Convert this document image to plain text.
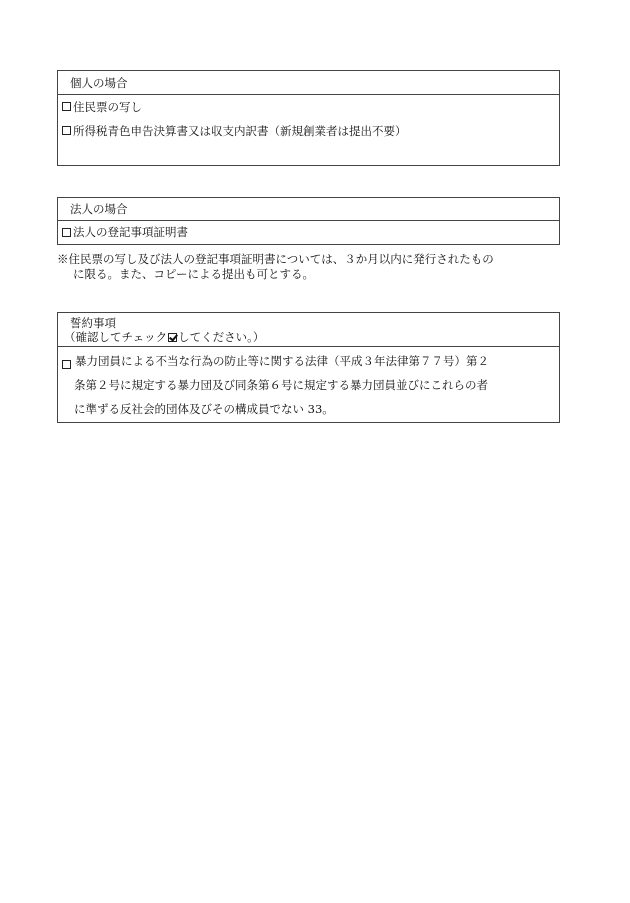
個人の場合
住民票の写し
所得税青色申告決算書又は収支内訳書（新規創業者は提出不要）
法人の場合
法人の登記事項証明書
※住民票の写し及び法人の登記事項証明書については、３か月以内に発行されたもの
に限る。また、コピーによる提出も可とする。
誓約事項
（確認してチェック してください。）
暴力団員による不当な行為の防止等に関する法律（平成３年法律第７７号）第２
条第２号に規定する暴力団及び同条第６号に規定する暴力団員並びにこれらの者
に準ずる反社会的団体及びその構成員でない 33。
